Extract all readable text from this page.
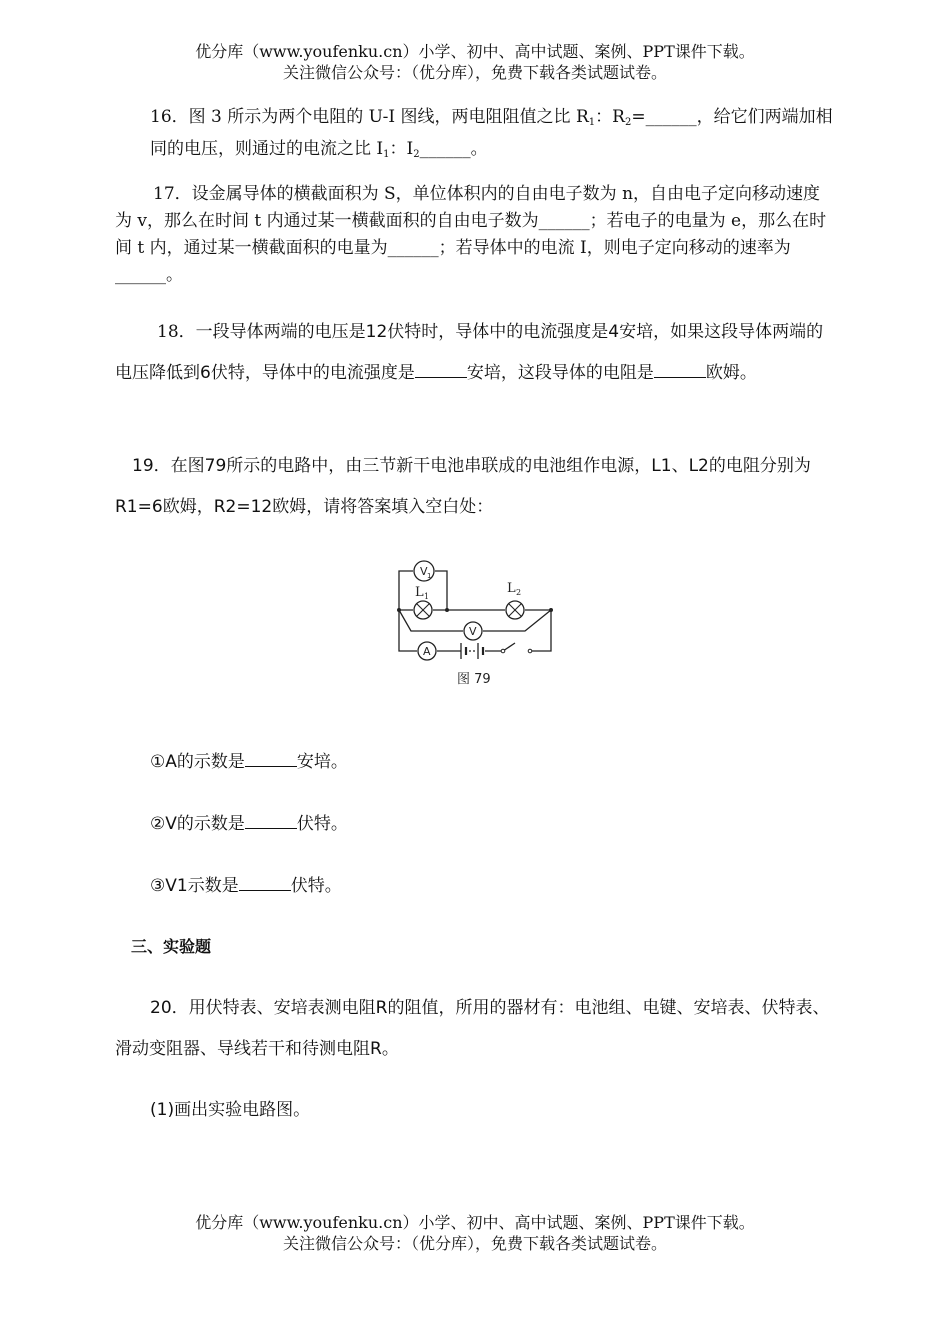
优分库（www.youfenku.cn）小学、初中、高中试题、案例、PPT课件下载。
关注微信公众号：（优分库），免费下载各类试题试卷。

16．图 3 所示为两个电阻的 U-I 图线，两电阻阻值之比 $R_1$：$R_2=\_\_\_\_\_\_$，给它们两端加相同的电压，则通过的电流之比 $I_1$：$I_2\_\_\_\_\_\_$。

17．设金属导体的横截面积为 S，单位体积内的自由电子数为 n，自由电子定向移动速度为 v，那么在时间 t 内通过某一横截面积的自由电子数为______；若电子的电量为 e，那么在时间 t 内，通过某一横截面积的电量为______；若导体中的电流 I，则电子定向移动的速率为______。

18．一段导体两端的电压是12伏特时，导体中的电流强度是4安培，如果这段导体两端的电压降低到6伏特，导体中的电流强度是	安培，这段导体的电阻是	欧姆。

19．在图79所示的电路中，由三节新干电池串联成的电池组作电源，L1、L2的电阻分别为R1=6欧姆，R2=12欧姆，请将答案填入空白处：

V 1
L 1
L 2
V
A
图 79

①A的示数是	安培。

②V的示数是	伏特。

③V1示数是	伏特。

三、实验题

20．用伏特表、安培表测电阻R的阻值，所用的器材有：电池组、电键、安培表、伏特表、滑动变阻器、导线若干和待测电阻R。

(1)画出实验电路图。

优分库（www.youfenku.cn）小学、初中、高中试题、案例、PPT课件下载。
关注微信公众号：（优分库），免费下载各类试题试卷。
